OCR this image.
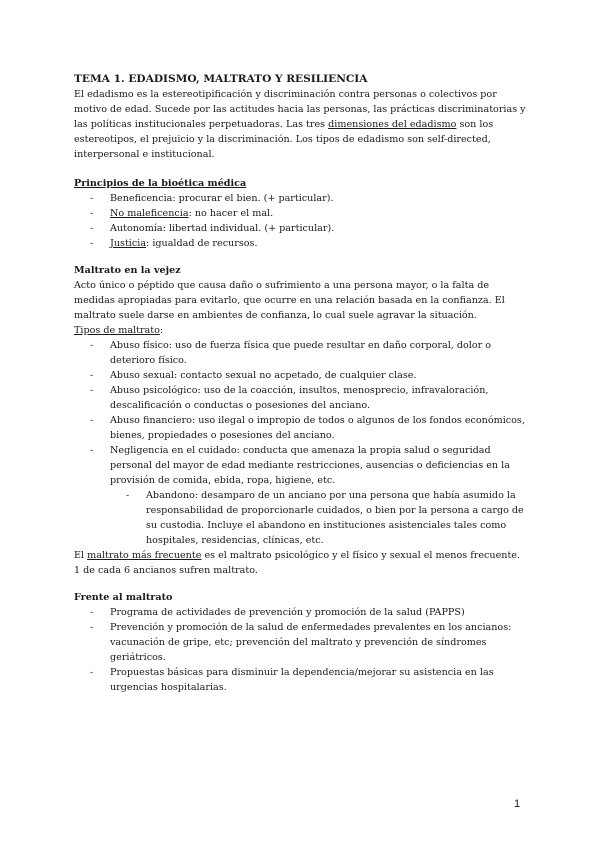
TEMA 1. EDADISMO, MALTRATO Y RESILIENCIA

El edadismo es la estereotipificación y discriminación contra personas o colectivos por motivo de edad. Sucede por las actitudes hacia las personas, las prácticas discriminatorias y las políticas institucionales perpetuadoras. Las tres dimensiones del edadismo son los estereotipos, el prejuicio y la discriminación. Los tipos de edadismo son self-directed, interpersonal e institucional.

Principios de la bioética médica
- Beneficencia: procurar el bien. (+ particular).
- No maleficencia: no hacer el mal.
- Autonomía: libertad individual. (+ particular).
- Justicia: igualdad de recursos.
Maltrato en la vejez

Acto único o péptido que causa daño o sufrimiento a una persona mayor, o la falta de medidas apropiadas para evitarlo, que ocurre en una relación basada en la confianza. El maltrato suele darse en ambientes de confianza, lo cual suele agravar la situación.

Tipos de maltrato:

- Abuso físico: uso de fuerza física que puede resultar en daño corporal, dolor o deterioro físico.
- Abuso sexual: contacto sexual no acpetado, de cualquier clase.
- Abuso psicológico: uso de la coacción, insultos, menosprecio, infravaloración, descalificación o conductas o posesiones del anciano.
- Abuso financiero: uso ilegal o impropio de todos o algunos de los fondos económicos, bienes, propiedades o posesiones del anciano.
- Negligencia en el cuidado: conducta que amenaza la propia salud o seguridad personal del mayor de edad mediante restricciones, ausencias o deficiencias en la provisión de comida, ebida, ropa, higiene, etc.
- Abandono: desamparo de un anciano por una persona que había asumido la responsabilidad de proporcionarle cuidados, o bien por la persona a cargo de su custodia. Incluye el abandono en instituciones asistenciales tales como hospitales, residencias, clínicas, etc.

El maltrato más frecuente es el maltrato psicológico y el físico y sexual el menos frecuente. 1 de cada 6 ancianos sufren maltrato.

Frente al maltrato
- Programa de actividades de prevención y promoción de la salud (PAPPS)
- Prevención y promoción de la salud de enfermedades prevalentes en los ancianos: vacunación de gripe, etc; prevención del maltrato y prevención de síndromes geriátricos.
- Propuestas básicas para disminuir la dependencia/mejorar su asistencia en las urgencias hospitalarias.
1
